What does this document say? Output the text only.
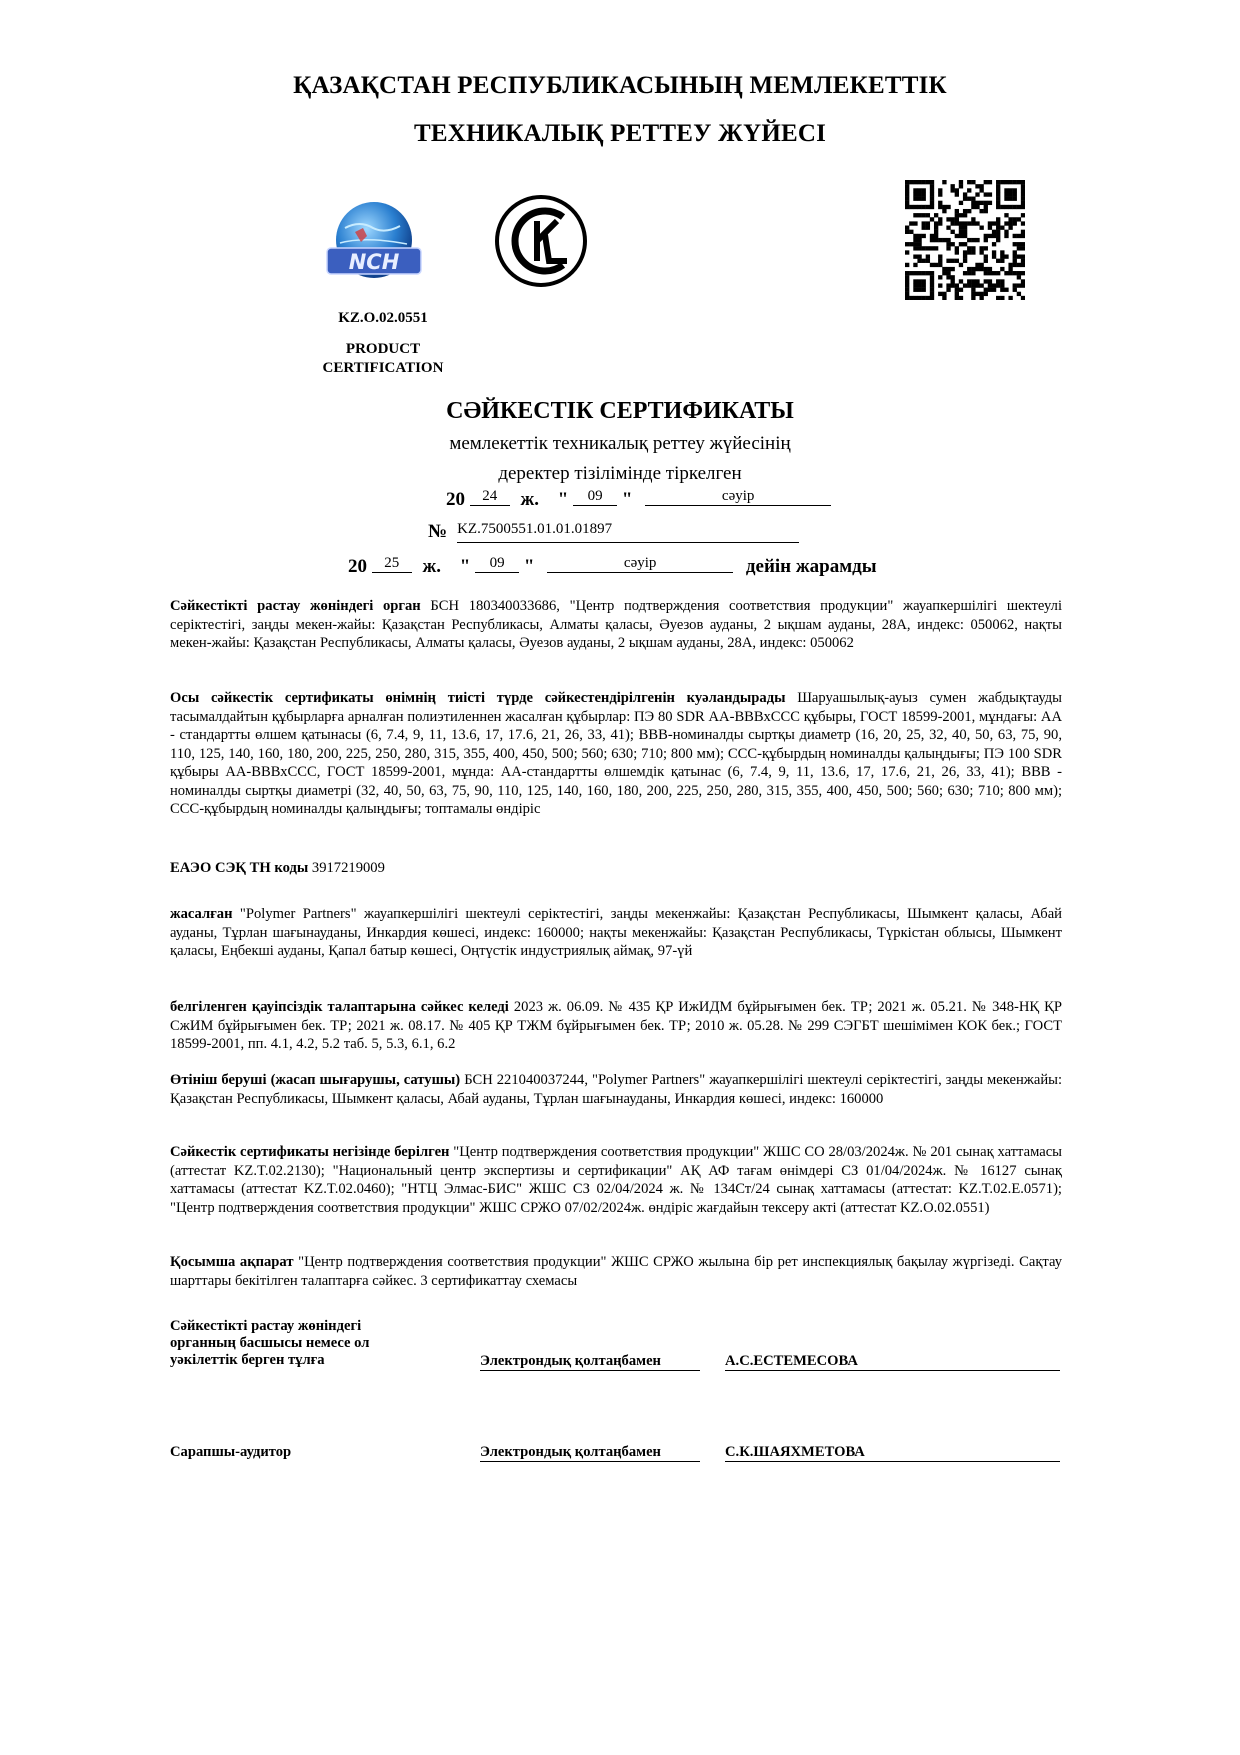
ҚАЗАҚСТАН РЕСПУБЛИКАСЫНЫҢ МЕМЛЕКЕТТІК
ТЕХНИКАЛЫҚ РЕТТЕУ ЖҮЙЕСІ
NCH
KZ.O.02.0551
PRODUCT
CERTIFICATION
СӘЙКЕСТІК СЕРТИФИКАТЫ
мемлекеттік техникалық реттеу жүйесінің
деректер тізілімінде тіркелген
20 24 ж. " 09 "	сәуір
№ KZ.7500551.01.01.01897
20 25 ж. " 09 "	сәуір	дейін жарамды
Сәйкестікті растау жөніндегі орган БСН 180340033686, "Центр подтверждения соответствия продукции" жауапкершілігі шектеулі серіктестігі, заңды мекен-жайы: Қазақстан Республикасы, Алматы қаласы, Әуезов ауданы, 2 ықшам ауданы, 28А, индекс: 050062, нақты мекен-жайы: Қазақстан Республикасы, Алматы қаласы, Әуезов ауданы, 2 ықшам ауданы, 28А, индекс: 050062
Осы сәйкестік сертификаты өнімнің тиісті түрде сәйкестендірілгенін куәландырады Шаруашылық-ауыз сумен жабдықтауды тасымалдайтын құбырларға арналған полиэтиленнен жасалған құбырлар: ПЭ 80 SDR АА-ВВВхССС құбыры, ГОСТ 18599-2001, мұндағы: АА - стандартты өлшем қатынасы (6, 7.4, 9, 11, 13.6, 17, 17.6, 21, 26, 33, 41); ВВВ-номиналды сыртқы диаметр (16, 20, 25, 32, 40, 50, 63, 75, 90, 110, 125, 140, 160, 180, 200, 225, 250, 280, 315, 355, 400, 450, 500; 560; 630; 710; 800 мм); ССС-құбырдың номиналды қалыңдығы; ПЭ 100 SDR құбыры АА-ВВВхССС, ГОСТ 18599-2001, мұнда: АА-стандартты өлшемдік қатынас (6, 7.4, 9, 11, 13.6, 17, 17.6, 21, 26, 33, 41); ВВВ - номиналды сыртқы диаметрі (32, 40, 50, 63, 75, 90, 110, 125, 140, 160, 180, 200, 225, 250, 280, 315, 355, 400, 450, 500; 560; 630; 710; 800 мм); ССС-құбырдың номиналды қалыңдығы; топтамалы өндіріс
ЕАЭО СЭҚ ТН коды 3917219009
жасалған "Polymer Partners" жауапкершілігі шектеулі серіктестігі, заңды мекенжайы: Қазақстан Республикасы, Шымкент қаласы, Абай ауданы, Тұрлан шағынауданы, Инкардия көшесі, индекс: 160000; нақты мекенжайы: Қазақстан Республикасы, Түркістан облысы, Шымкент қаласы, Еңбекші ауданы, Қапал батыр көшесі, Оңтүстік индустриялық аймақ, 97-үй
белгіленген қауіпсіздік талаптарына сәйкес келеді 2023 ж. 06.09. № 435 ҚР ИжИДМ бұйрығымен бек. ТР; 2021 ж. 05.21. № 348-НҚ ҚР СжИМ бұйрығымен бек. ТР; 2021 ж. 08.17. № 405 ҚР ТЖМ бұйрығымен бек. ТР; 2010 ж. 05.28. № 299 СЭГБТ шешімімен КОК бек.; ГОСТ 18599-2001, пп. 4.1, 4.2, 5.2 таб. 5, 5.3, 6.1, 6.2
Өтініш беруші (жасап шығарушы, сатушы) БСН 221040037244, "Polymer Partners" жауапкершілігі шектеулі серіктестігі, заңды мекенжайы: Қазақстан Республикасы, Шымкент қаласы, Абай ауданы, Тұрлан шағынауданы, Инкардия көшесі, индекс: 160000
Сәйкестік сертификаты негізінде берілген "Центр подтверждения соответствия продукции" ЖШС СО 28/03/2024ж. № 201 сынақ хаттамасы (аттестат KZ.T.02.2130); "Национальный центр экспертизы и сертификации" АҚ АФ тағам өнімдері СЗ 01/04/2024ж. № 16127 сынақ хаттамасы (аттестат KZ.T.02.0460); "НТЦ Элмас-БИС" ЖШС СЗ 02/04/2024 ж. № 134Ст/24 сынақ хаттамасы (аттестат: KZ.T.02.E.0571); "Центр подтверждения соответствия продукции" ЖШС СРЖО 07/02/2024ж. өндіріс жағдайын тексеру акті (аттестат KZ.O.02.0551)
Қосымша ақпарат "Центр подтверждения соответствия продукции" ЖШС СРЖО жылына бір рет инспекциялық бақылау жүргізеді. Сақтау шарттары бекітілген талаптарға сәйкес. 3 сертификаттау схемасы
Сәйкестікті растау жөніндегі
органның басшысы немесе ол
уәкілеттік берген тұлға	Электрондық қолтаңбамен	А.С.ЕСТЕМЕСОВА
Сарапшы-аудитор	Электрондық қолтаңбамен	С.К.ШАЯХМЕТОВА
